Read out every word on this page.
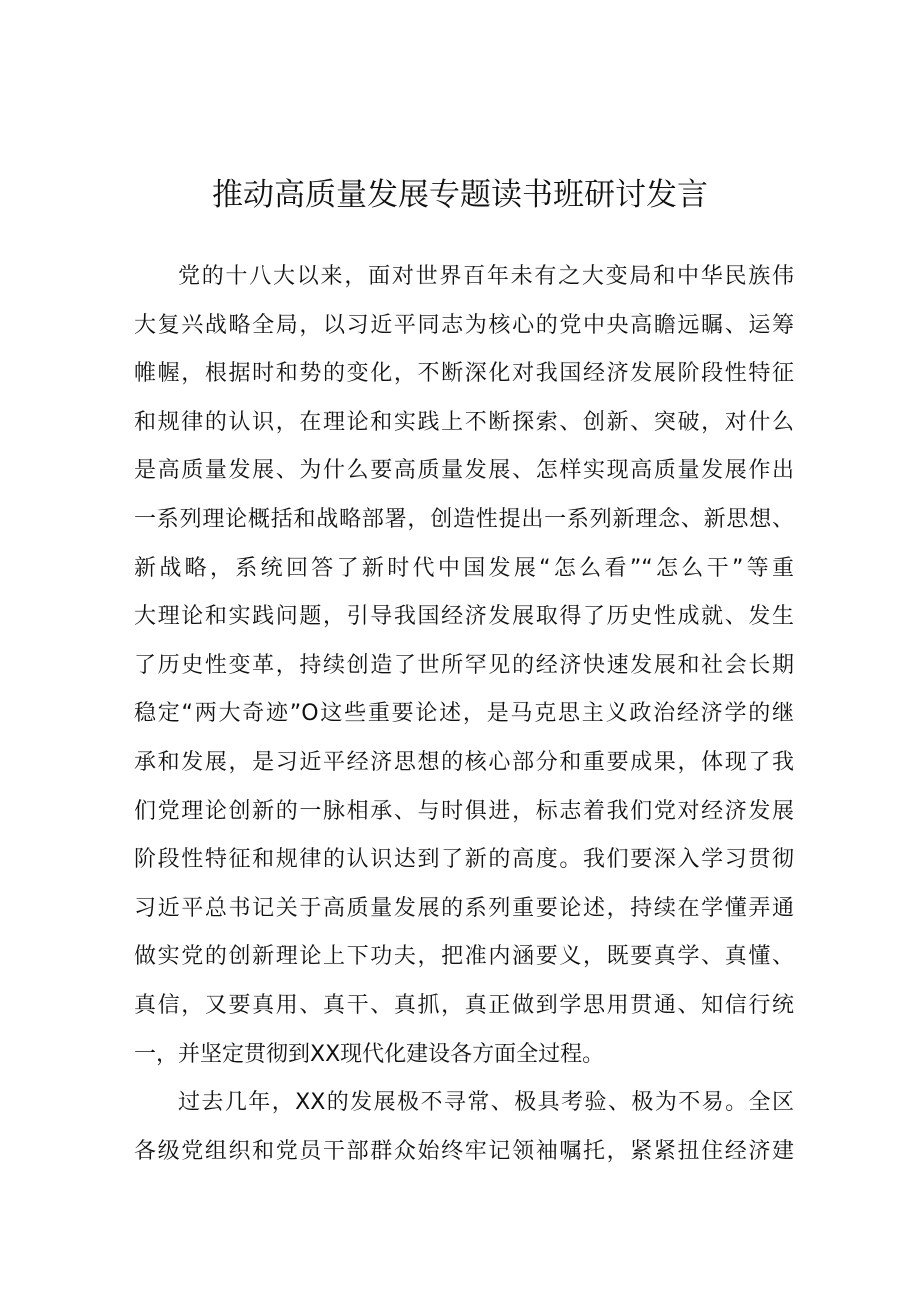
推动高质量发展专题读书班研讨发言
党的十八大以来，面对世界百年未有之大变局和中华民族伟
大复兴战略全局，以习近平同志为核心的党中央高瞻远瞩、运筹
帷幄，根据时和势的变化，不断深化对我国经济发展阶段性特征
和规律的认识，在理论和实践上不断探索、创新、突破，对什么
是高质量发展、为什么要高质量发展、怎样实现高质量发展作出
一系列理论概括和战略部署，创造性提出一系列新理念、新思想、
新战略，系统回答了新时代中国发展“怎么看”“怎么干”等重
大理论和实践问题，引导我国经济发展取得了历史性成就、发生
了历史性变革，持续创造了世所罕见的经济快速发展和社会长期
稳定“两大奇迹”O这些重要论述，是马克思主义政治经济学的继
承和发展，是习近平经济思想的核心部分和重要成果，体现了我
们党理论创新的一脉相承、与时俱进，标志着我们党对经济发展
阶段性特征和规律的认识达到了新的高度。我们要深入学习贯彻
习近平总书记关于高质量发展的系列重要论述，持续在学懂弄通
做实党的创新理论上下功夫，把准内涵要义，既要真学、真懂、
真信，又要真用、真干、真抓，真正做到学思用贯通、知信行统
一，并坚定贯彻到XX现代化建设各方面全过程。
过去几年，XX的发展极不寻常、极具考验、极为不易。全区
各级党组织和党员干部群众始终牢记领袖嘱托，紧紧扭住经济建
